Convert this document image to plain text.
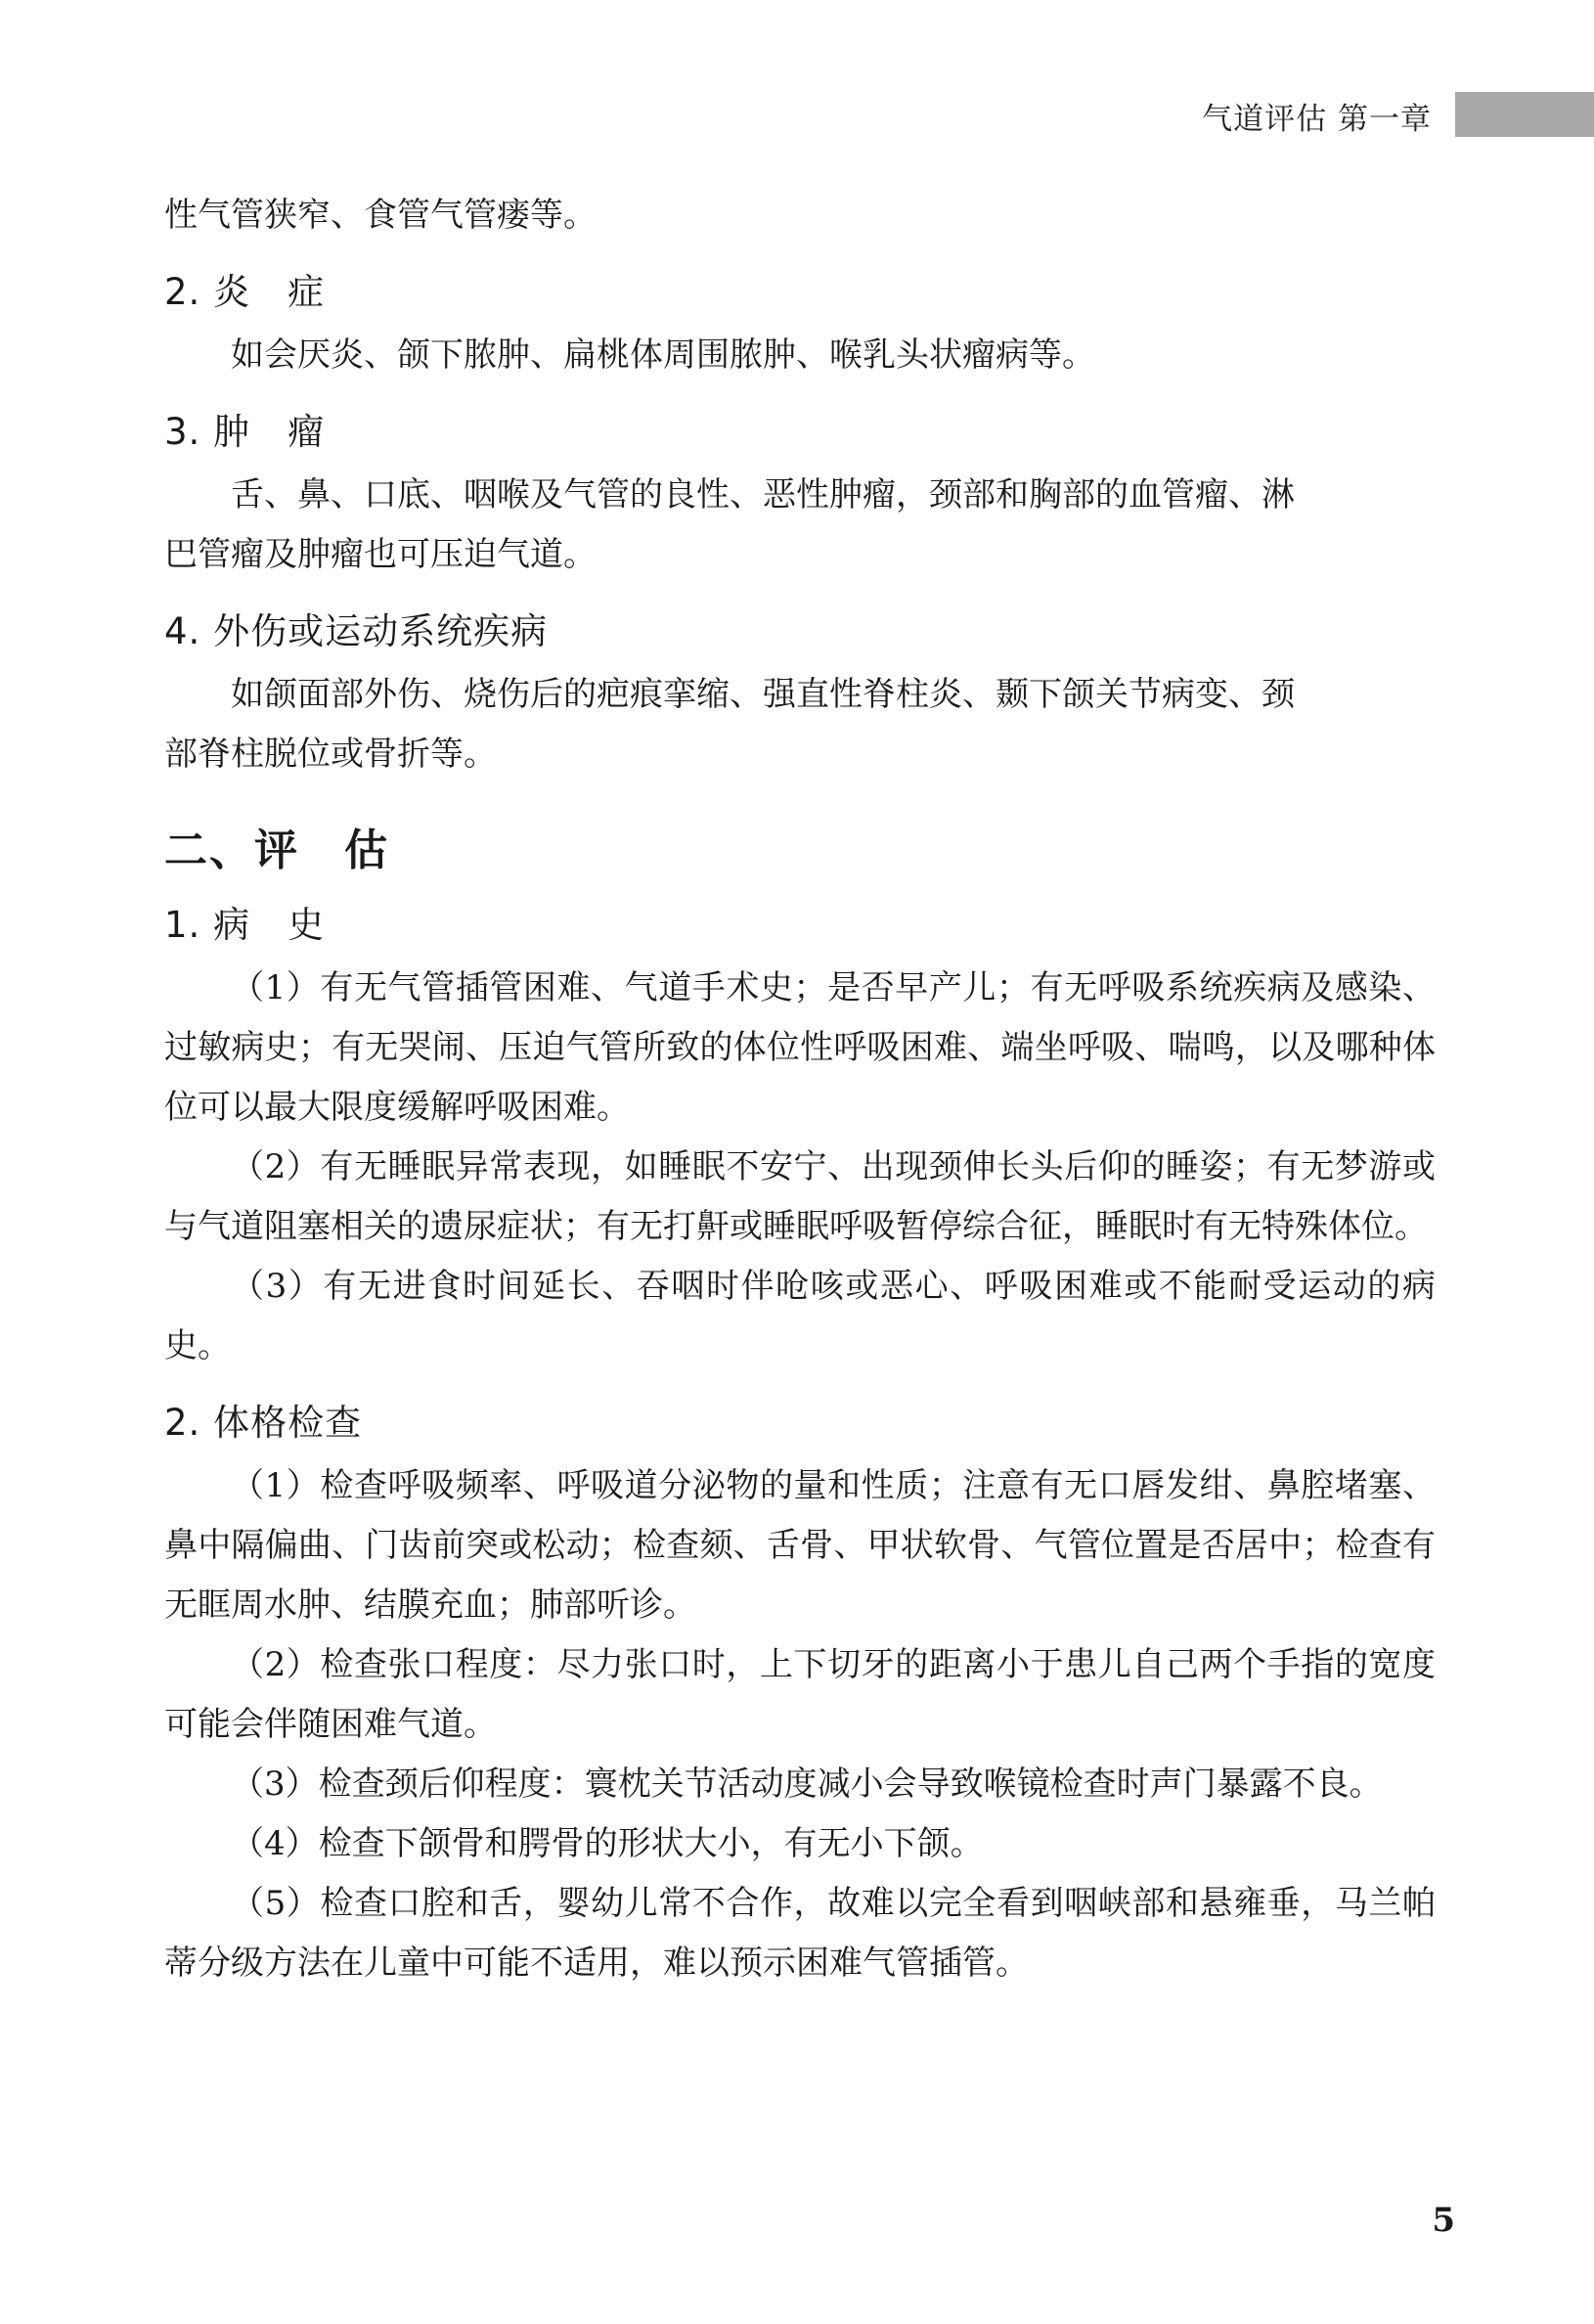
气道评估 第一章

性气管狭窄、食管气管瘘等。

2. 炎　症

如会厌炎、颌下脓肿、扁桃体周围脓肿、喉乳头状瘤病等。

3. 肿　瘤

舌、鼻、口底、咽喉及气管的良性、恶性肿瘤，颈部和胸部的血管瘤、淋

巴管瘤及肿瘤也可压迫气道。

4. 外伤或运动系统疾病

如颌面部外伤、烧伤后的疤痕挛缩、强直性脊柱炎、颞下颌关节病变、颈

部脊柱脱位或骨折等。

二、评　估
1. 病　史

（1）有无气管插管困难、气道手术史；是否早产儿；有无呼吸系统疾病及感染、过敏病史；有无哭闹、压迫气管所致的体位性呼吸困难、端坐呼吸、喘鸣，以及哪种体位可以最大限度缓解呼吸困难。

（2）有无睡眠异常表现，如睡眠不安宁、出现颈伸长头后仰的睡姿；有无梦游或与气道阻塞相关的遗尿症状；有无打鼾或睡眠呼吸暂停综合征，睡眠时有无特殊体位。

（3）有无进食时间延长、吞咽时伴呛咳或恶心、呼吸困难或不能耐受运动的病史。

2. 体格检查

（1）检查呼吸频率、呼吸道分泌物的量和性质；注意有无口唇发绀、鼻腔堵塞、鼻中隔偏曲、门齿前突或松动；检查颏、舌骨、甲状软骨、气管位置是否居中；检查有无眶周水肿、结膜充血；肺部听诊。

（2）检查张口程度：尽力张口时，上下切牙的距离小于患儿自己两个手指的宽度可能会伴随困难气道。

（3）检查颈后仰程度：寰枕关节活动度减小会导致喉镜检查时声门暴露不良。

（4）检查下颌骨和腭骨的形状大小，有无小下颌。

（5）检查口腔和舌，婴幼儿常不合作，故难以完全看到咽峡部和悬雍垂，马兰帕蒂分级方法在儿童中可能不适用，难以预示困难气管插管。

5
